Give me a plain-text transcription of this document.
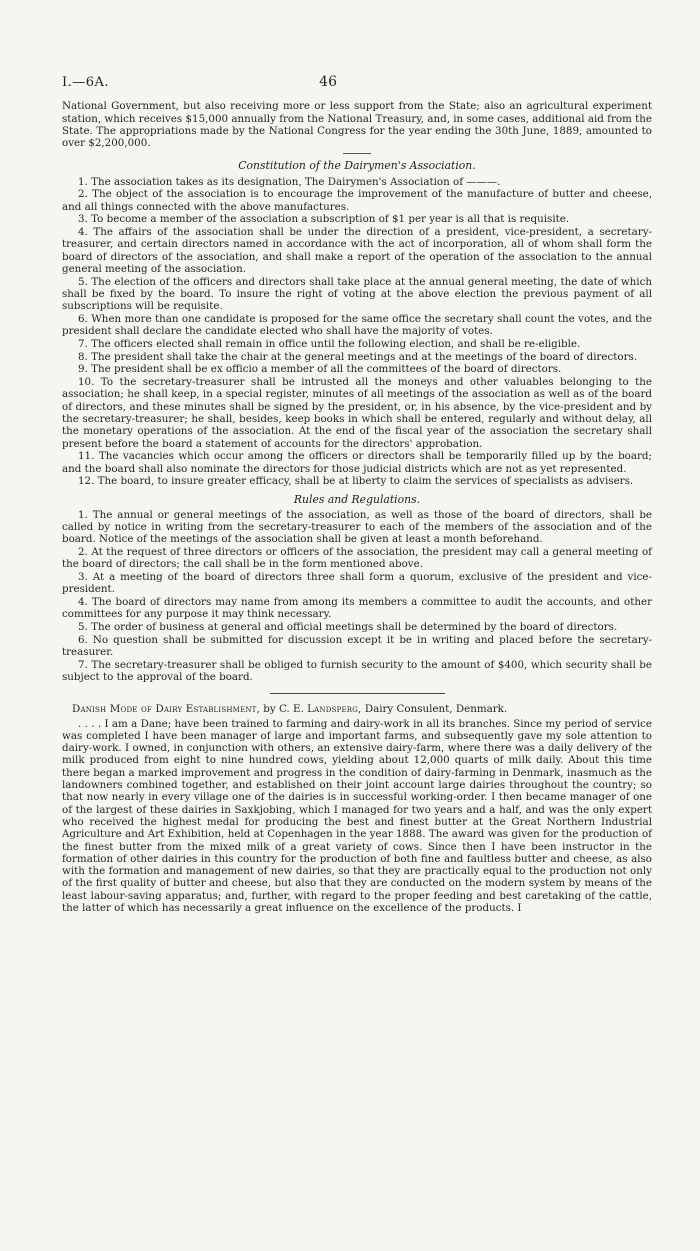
I.—6A.	46

National Government, but also receiving more or less support from the State; also an agricultural experiment station, which receives $15,000 annually from the National Treasury, and, in some cases, additional aid from the State. The appropriations made by the National Congress for the year ending the 30th June, 1889, amounted to over $2,200,000.

Constitution of the Dairymen's Association.

1. The association takes as its designation, The Dairymen's Association of ———.

2. The object of the association is to encourage the improvement of the manufacture of butter and cheese, and all things connected with the above manufactures.

3. To become a member of the association a subscription of $1 per year is all that is requisite.

4. The affairs of the association shall be under the direction of a president, vice-president, a secretary-treasurer, and certain directors named in accordance with the act of incorporation, all of whom shall form the board of directors of the association, and shall make a report of the operation of the association to the annual general meeting of the association.

5. The election of the officers and directors shall take place at the annual general meeting, the date of which shall be fixed by the board. To insure the right of voting at the above election the previous payment of all subscriptions will be requisite.

6. When more than one candidate is proposed for the same office the secretary shall count the votes, and the president shall declare the candidate elected who shall have the majority of votes.

7. The officers elected shall remain in office until the following election, and shall be re-eligible.

8. The president shall take the chair at the general meetings and at the meetings of the board of directors.

9. The president shall be ex officio a member of all the committees of the board of directors.

10. To the secretary-treasurer shall be intrusted all the moneys and other valuables belonging to the association; he shall keep, in a special register, minutes of all meetings of the association as well as of the board of directors, and these minutes shall be signed by the president, or, in his absence, by the vice-president and by the secretary-treasurer; he shall, besides, keep books in which shall be entered, regularly and without delay, all the monetary operations of the association. At the end of the fiscal year of the association the secretary shall present before the board a statement of accounts for the directors' approbation.

11. The vacancies which occur among the officers or directors shall be temporarily filled up by the board; and the board shall also nominate the directors for those judicial districts which are not as yet represented.

12. The board, to insure greater efficacy, shall be at liberty to claim the services of specialists as advisers.

Rules and Regulations.

1. The annual or general meetings of the association, as well as those of the board of directors, shall be called by notice in writing from the secretary-treasurer to each of the members of the association and of the board. Notice of the meetings of the association shall be given at least a month beforehand.

2. At the request of three directors or officers of the association, the president may call a general meeting of the board of directors; the call shall be in the form mentioned above.

3. At a meeting of the board of directors three shall form a quorum, exclusive of the president and vice-president.

4. The board of directors may name from among its members a committee to audit the accounts, and other committees for any purpose it may think necessary.

5. The order of business at general and official meetings shall be determined by the board of directors.

6. No question shall be submitted for discussion except it be in writing and placed before the secretary-treasurer.

7. The secretary-treasurer shall be obliged to furnish security to the amount of $400, which security shall be subject to the approval of the board.

Danish Mode of Dairy Establishment, by C. E. Landsperg, Dairy Consulent, Denmark.

. . . . I am a Dane; have been trained to farming and dairy-work in all its branches. Since my period of service was completed I have been manager of large and important farms, and subsequently gave my sole attention to dairy-work. I owned, in conjunction with others, an extensive dairy-farm, where there was a daily delivery of the milk produced from eight to nine hundred cows, yielding about 12,000 quarts of milk daily. About this time there began a marked improvement and progress in the condition of dairy-farming in Denmark, inasmuch as the landowners combined together, and established on their joint account large dairies throughout the country; so that now nearly in every village one of the dairies is in successful working-order. I then became manager of one of the largest of these dairies in Saxkjobing, which I managed for two years and a half, and was the only expert who received the highest medal for producing the best and finest butter at the Great Northern Industrial Agriculture and Art Exhibition, held at Copenhagen in the year 1888. The award was given for the production of the finest butter from the mixed milk of a great variety of cows. Since then I have been instructor in the formation of other dairies in this country for the production of both fine and faultless butter and cheese, as also with the formation and management of new dairies, so that they are practically equal to the production not only of the first quality of butter and cheese, but also that they are conducted on the modern system by means of the least labour-saving apparatus; and, further, with regard to the proper feeding and best caretaking of the cattle, the latter of which has necessarily a great influence on the excellence of the products. I
